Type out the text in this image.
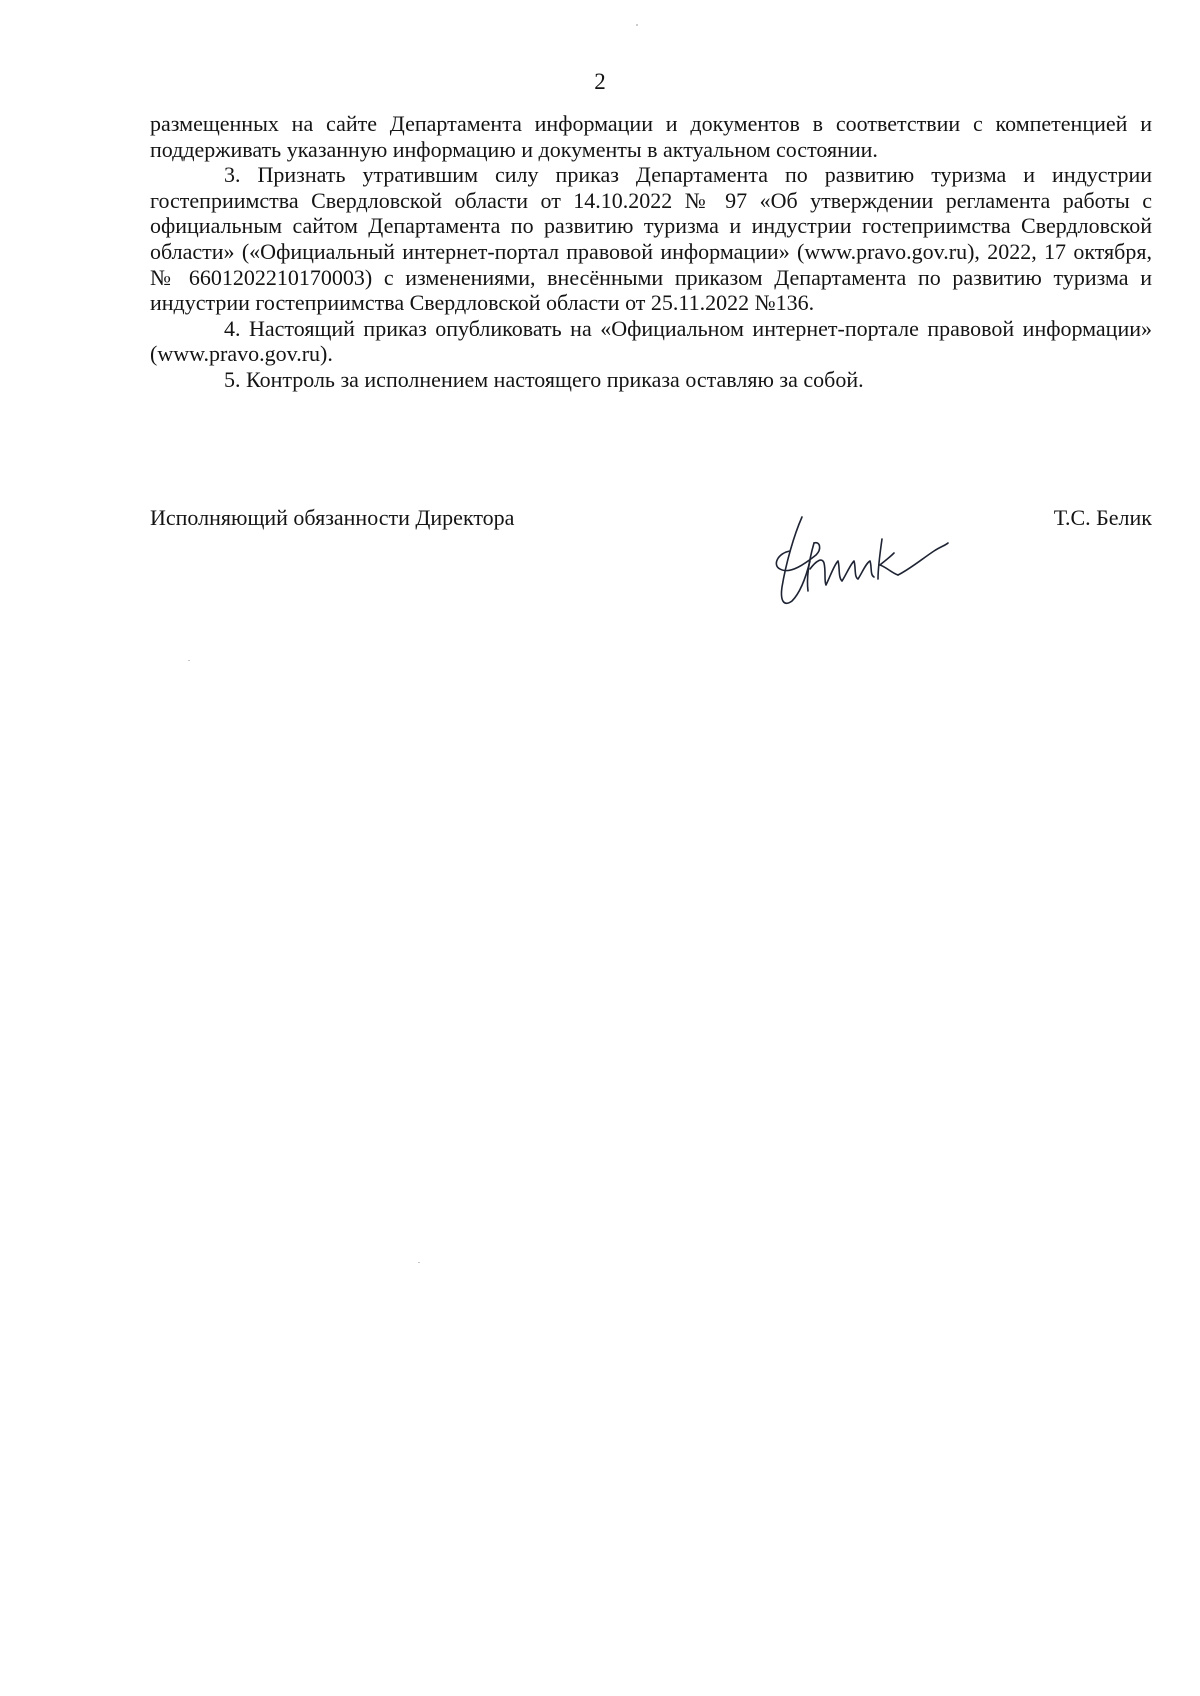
2

размещенных на сайте Департамента информации и документов в соответствии с компетенцией и поддерживать указанную информацию и документы в актуальном состоянии.

3. Признать утратившим силу приказ Департамента по развитию туризма и индустрии гостеприимства Свердловской области от 14.10.2022 № 97 «Об утверждении регламента работы с официальным сайтом Департамента по развитию туризма и индустрии гостеприимства Свердловской области» («Официальный интернет-портал правовой информации» (www.pravo.gov.ru), 2022, 17 октября, № 6601202210170003) с изменениями, внесёнными приказом Департамента по развитию туризма и индустрии гостеприимства Свердловской области от 25.11.2022 №136.

4. Настоящий приказ опубликовать на «Официальном интернет-портале правовой информации» (www.pravo.gov.ru).

5. Контроль за исполнением настоящего приказа оставляю за собой.

Исполняющий обязанности Директора	Т.С. Белик
